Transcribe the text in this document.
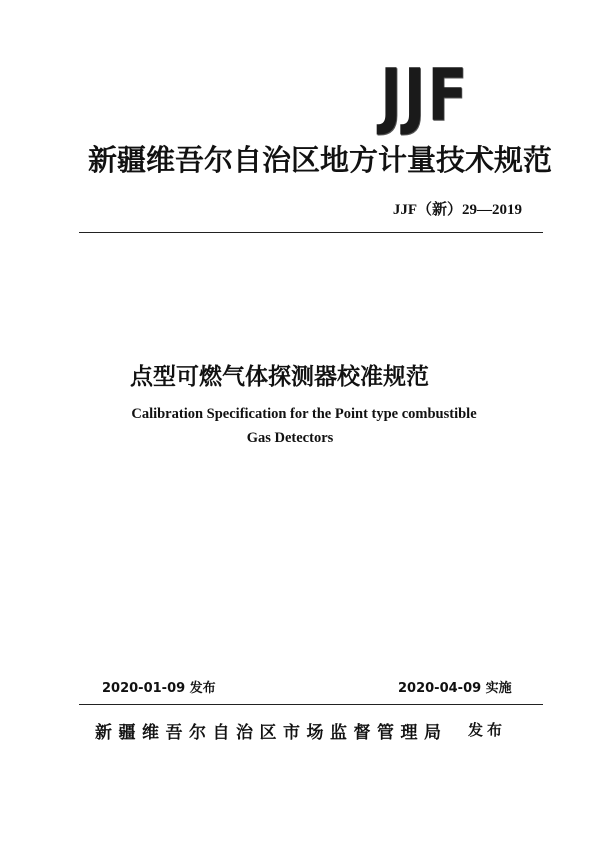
JJF
新疆维吾尔自治区地方计量技术规范
JJF（新）29—2019
点型可燃气体探测器校准规范
Calibration Specification for the Point type combustible
Gas Detectors
2020-01-09 发布	2020-04-09 实施
新疆维吾尔自治区市场监督管理局 发布
